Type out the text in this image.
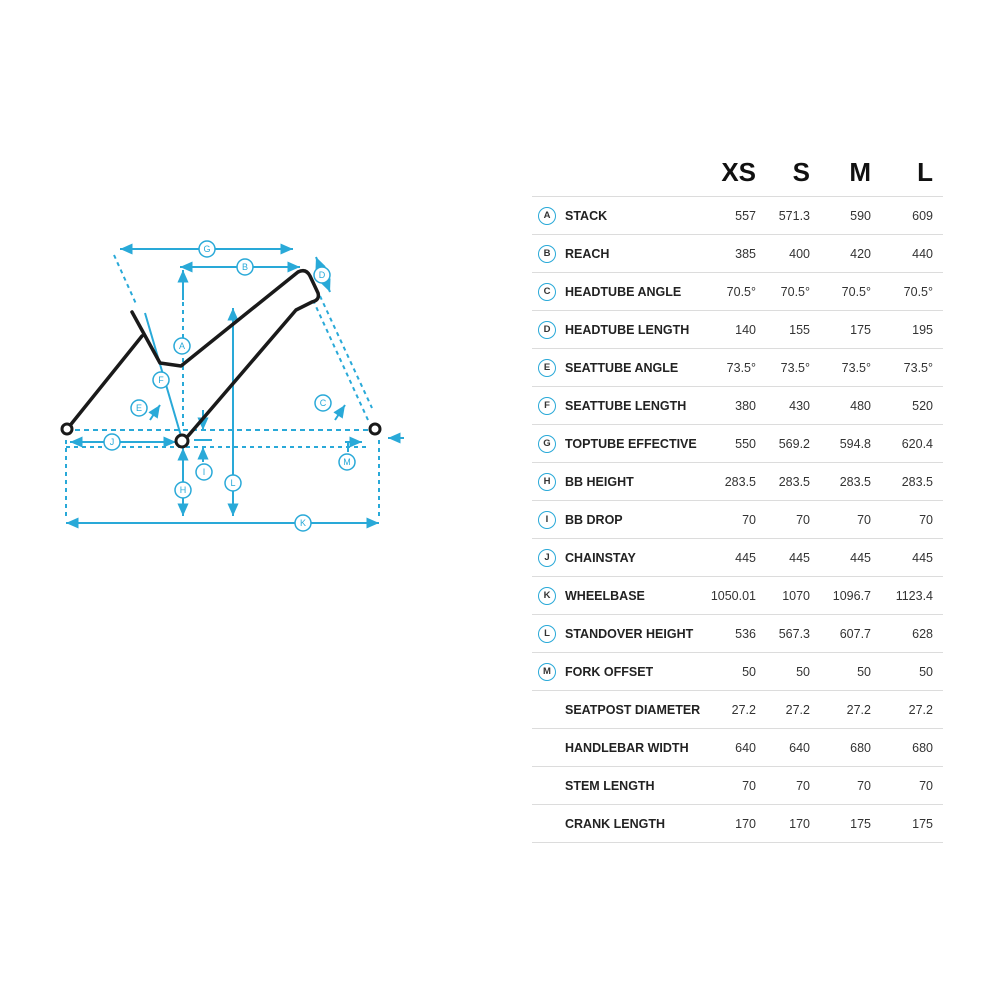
G
B
D
A
F
E	C
J
M
I
L
H
K
		XS	S	M	L
A	STACK	557	571.3	590	609
B	REACH	385	400	420	440
C	HEADTUBE ANGLE	70.5°	70.5°	70.5°	70.5°
D	HEADTUBE LENGTH	140	155	175	195
E	SEATTUBE ANGLE	73.5°	73.5°	73.5°	73.5°
F	SEATTUBE LENGTH	380	430	480	520
G	TOPTUBE EFFECTIVE	550	569.2	594.8	620.4
H	BB HEIGHT	283.5	283.5	283.5	283.5
I	BB DROP	70	70	70	70
J	CHAINSTAY	445	445	445	445
K	WHEELBASE	1050.01	1070	1096.7	1123.4
L	STANDOVER HEIGHT	536	567.3	607.7	628
M	FORK OFFSET	50	50	50	50
	SEATPOST DIAMETER	27.2	27.2	27.2	27.2
	HANDLEBAR WIDTH	640	640	680	680
	STEM LENGTH	70	70	70	70
	CRANK LENGTH	170	170	175	175
